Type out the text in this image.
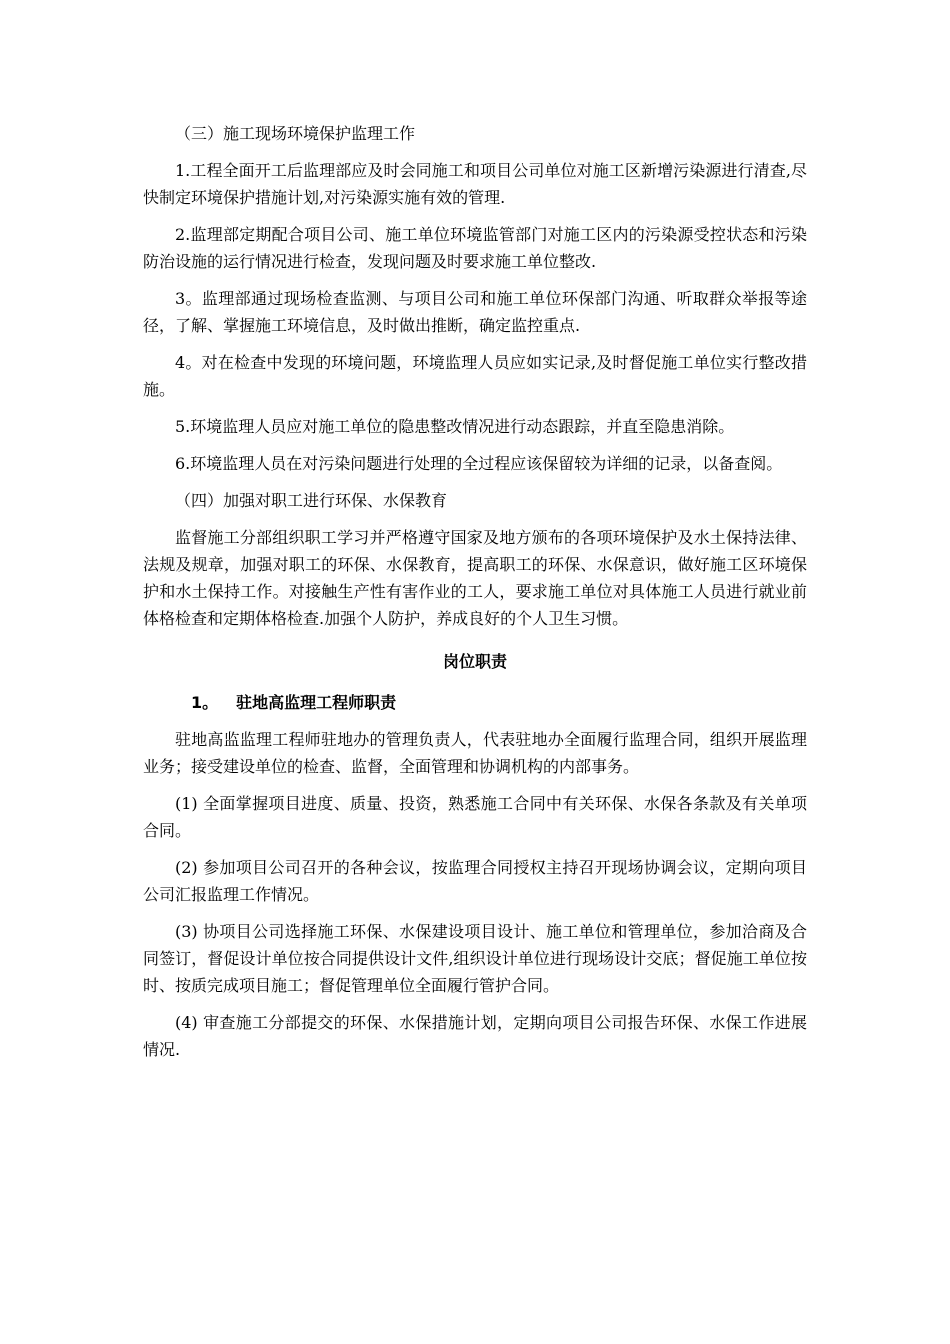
（三）施工现场环境保护监理工作

1.工程全面开工后监理部应及时会同施工和项目公司单位对施工区新增污染源进行清查,尽快制定环境保护措施计划,对污染源实施有效的管理.

2.监理部定期配合项目公司、施工单位环境监管部门对施工区内的污染源受控状态和污染防治设施的运行情况进行检查，发现问题及时要求施工单位整改.

3。监理部通过现场检查监测、与项目公司和施工单位环保部门沟通、听取群众举报等途径，了解、掌握施工环境信息，及时做出推断，确定监控重点.

4。对在检查中发现的环境问题，环境监理人员应如实记录,及时督促施工单位实行整改措施。

5.环境监理人员应对施工单位的隐患整改情况进行动态跟踪，并直至隐患消除。

6.环境监理人员在对污染问题进行处理的全过程应该保留较为详细的记录，以备查阅。

（四）加强对职工进行环保、水保教育

监督施工分部组织职工学习并严格遵守国家及地方颁布的各项环境保护及水土保持法律、法规及规章，加强对职工的环保、水保教育，提高职工的环保、水保意识，做好施工区环境保护和水土保持工作。对接触生产性有害作业的工人，要求施工单位对具体施工人员进行就业前体格检查和定期体格检查.加强个人防护，养成良好的个人卫生习惯。

岗位职责

1。 驻地高监理工程师职责

驻地高监监理工程师驻地办的管理负责人，代表驻地办全面履行监理合同，组织开展监理业务；接受建设单位的检查、监督，全面管理和协调机构的内部事务。

(1) 全面掌握项目进度、质量、投资，熟悉施工合同中有关环保、水保各条款及有关单项合同。

(2) 参加项目公司召开的各种会议，按监理合同授权主持召开现场协调会议，定期向项目公司汇报监理工作情况。

(3) 协项目公司选择施工环保、水保建设项目设计、施工单位和管理单位，参加洽商及合同签订，督促设计单位按合同提供设计文件,组织设计单位进行现场设计交底；督促施工单位按时、按质完成项目施工；督促管理单位全面履行管护合同。

(4) 审查施工分部提交的环保、水保措施计划，定期向项目公司报告环保、水保工作进展情况.
